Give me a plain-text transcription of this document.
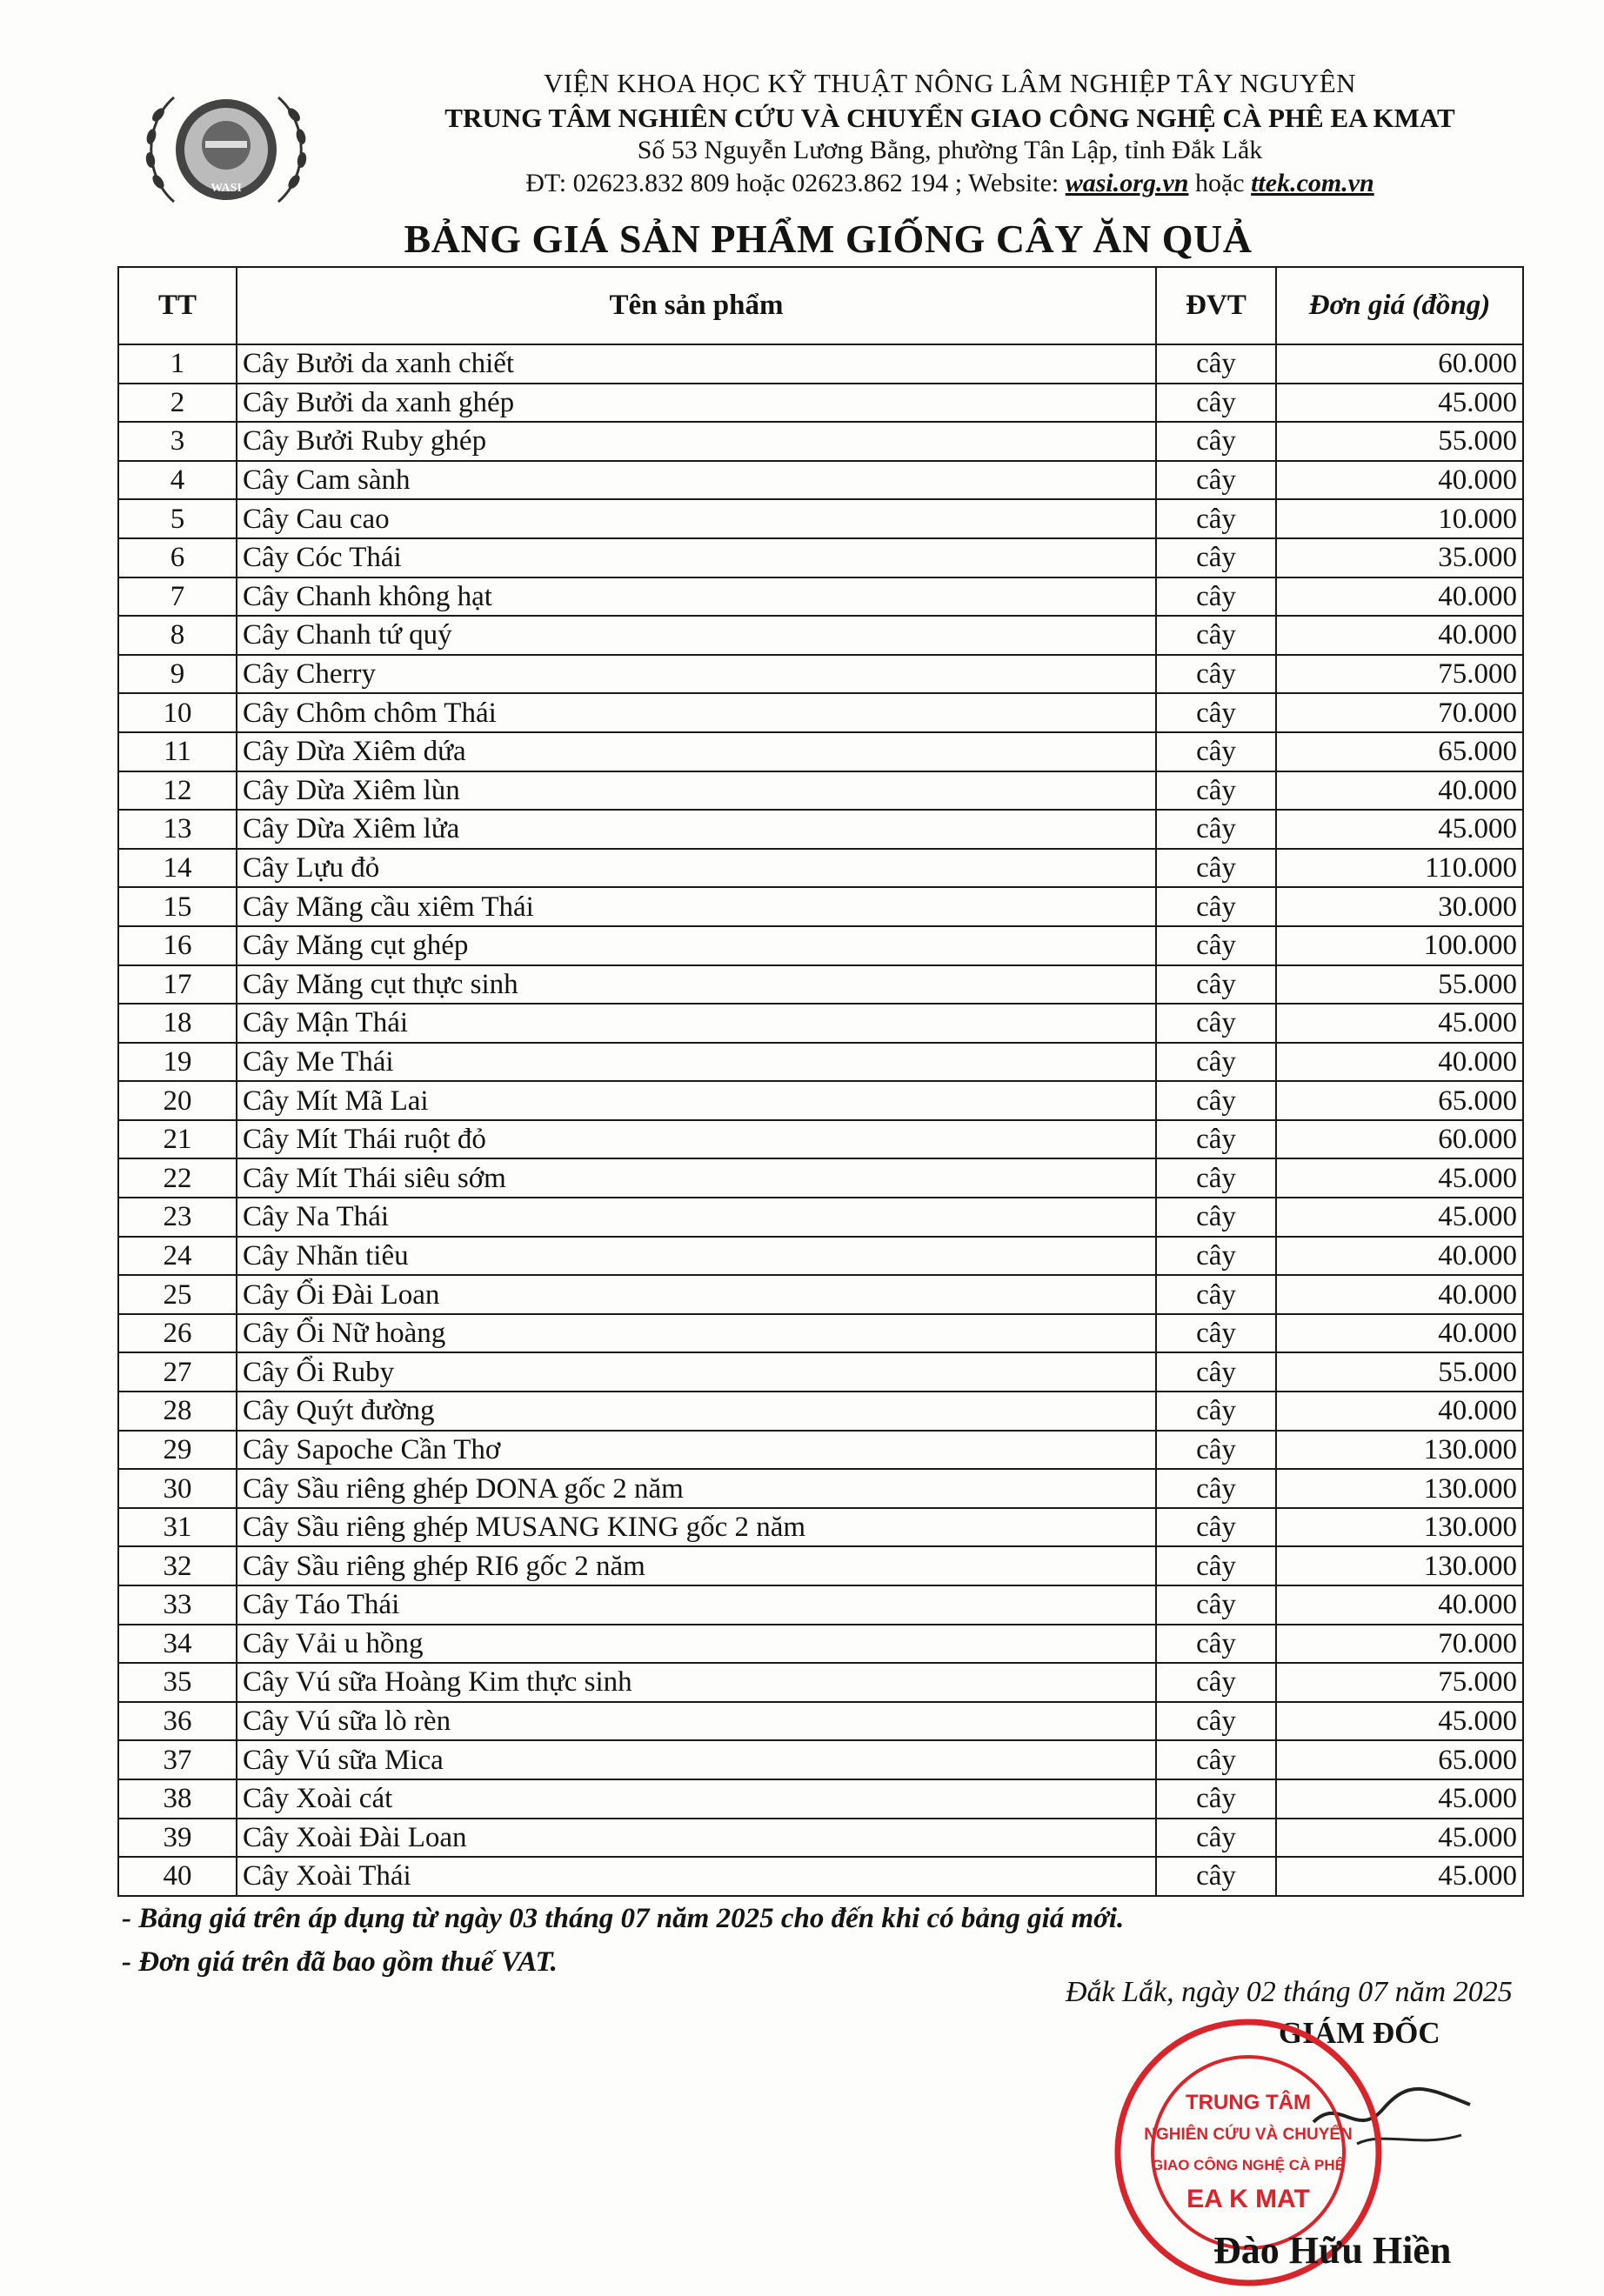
WASI
VIỆN KHOA HỌC KỸ THUẬT NÔNG LÂM NGHIỆP TÂY NGUYÊN
TRUNG TÂM NGHIÊN CỨU VÀ CHUYỂN GIAO CÔNG NGHỆ CÀ PHÊ EA KMAT
Số 53 Nguyễn Lương Bằng, phường Tân Lập, tỉnh Đắk Lắk
ĐT: 02623.832 809 hoặc 02623.862 194 ; Website: wasi.org.vn hoặc ttek.com.vn
BẢNG GIÁ SẢN PHẨM GIỐNG CÂY ĂN QUẢ
TT	Tên sản phẩm	ĐVT	Đơn giá (đồng)
1	Cây Bưởi da xanh chiết	cây	60.000
2	Cây Bưởi da xanh ghép	cây	45.000
3	Cây Bưởi Ruby ghép	cây	55.000
4	Cây Cam sành	cây	40.000
5	Cây Cau cao	cây	10.000
6	Cây Cóc Thái	cây	35.000
7	Cây Chanh không hạt	cây	40.000
8	Cây Chanh tứ quý	cây	40.000
9	Cây Cherry	cây	75.000
10	Cây Chôm chôm Thái	cây	70.000
11	Cây Dừa Xiêm dứa	cây	65.000
12	Cây Dừa Xiêm lùn	cây	40.000
13	Cây Dừa Xiêm lửa	cây	45.000
14	Cây Lựu đỏ	cây	110.000
15	Cây Mãng cầu xiêm Thái	cây	30.000
16	Cây Măng cụt ghép	cây	100.000
17	Cây Măng cụt thực sinh	cây	55.000
18	Cây Mận Thái	cây	45.000
19	Cây Me Thái	cây	40.000
20	Cây Mít Mã Lai	cây	65.000
21	Cây Mít Thái ruột đỏ	cây	60.000
22	Cây Mít Thái siêu sớm	cây	45.000
23	Cây Na Thái	cây	45.000
24	Cây Nhãn tiêu	cây	40.000
25	Cây Ổi Đài Loan	cây	40.000
26	Cây Ổi Nữ hoàng	cây	40.000
27	Cây Ổi Ruby	cây	55.000
28	Cây Quýt đường	cây	40.000
29	Cây Sapoche Cần Thơ	cây	130.000
30	Cây Sầu riêng ghép DONA gốc 2 năm	cây	130.000
31	Cây Sầu riêng ghép MUSANG KING gốc 2 năm	cây	130.000
32	Cây Sầu riêng ghép RI6 gốc 2 năm	cây	130.000
33	Cây Táo Thái	cây	40.000
34	Cây Vải u hồng	cây	70.000
35	Cây Vú sữa Hoàng Kim thực sinh	cây	75.000
36	Cây Vú sữa lò rèn	cây	45.000
37	Cây Vú sữa Mica	cây	65.000
38	Cây Xoài cát	cây	45.000
39	Cây Xoài Đài Loan	cây	45.000
40	Cây Xoài Thái	cây	45.000
- Bảng giá trên áp dụng từ ngày 03 tháng 07 năm 2025 cho đến khi có bảng giá mới.
- Đơn giá trên đã bao gồm thuế VAT.
Đắk Lắk, ngày 02 tháng 07 năm 2025
GIÁM ĐỐC
TRUNG TÂM
NGHIÊN CỨU VÀ CHUYỂN
GIAO CÔNG NGHỆ CÀ PHÊ
EA K MAT
Đào Hữu Hiền
